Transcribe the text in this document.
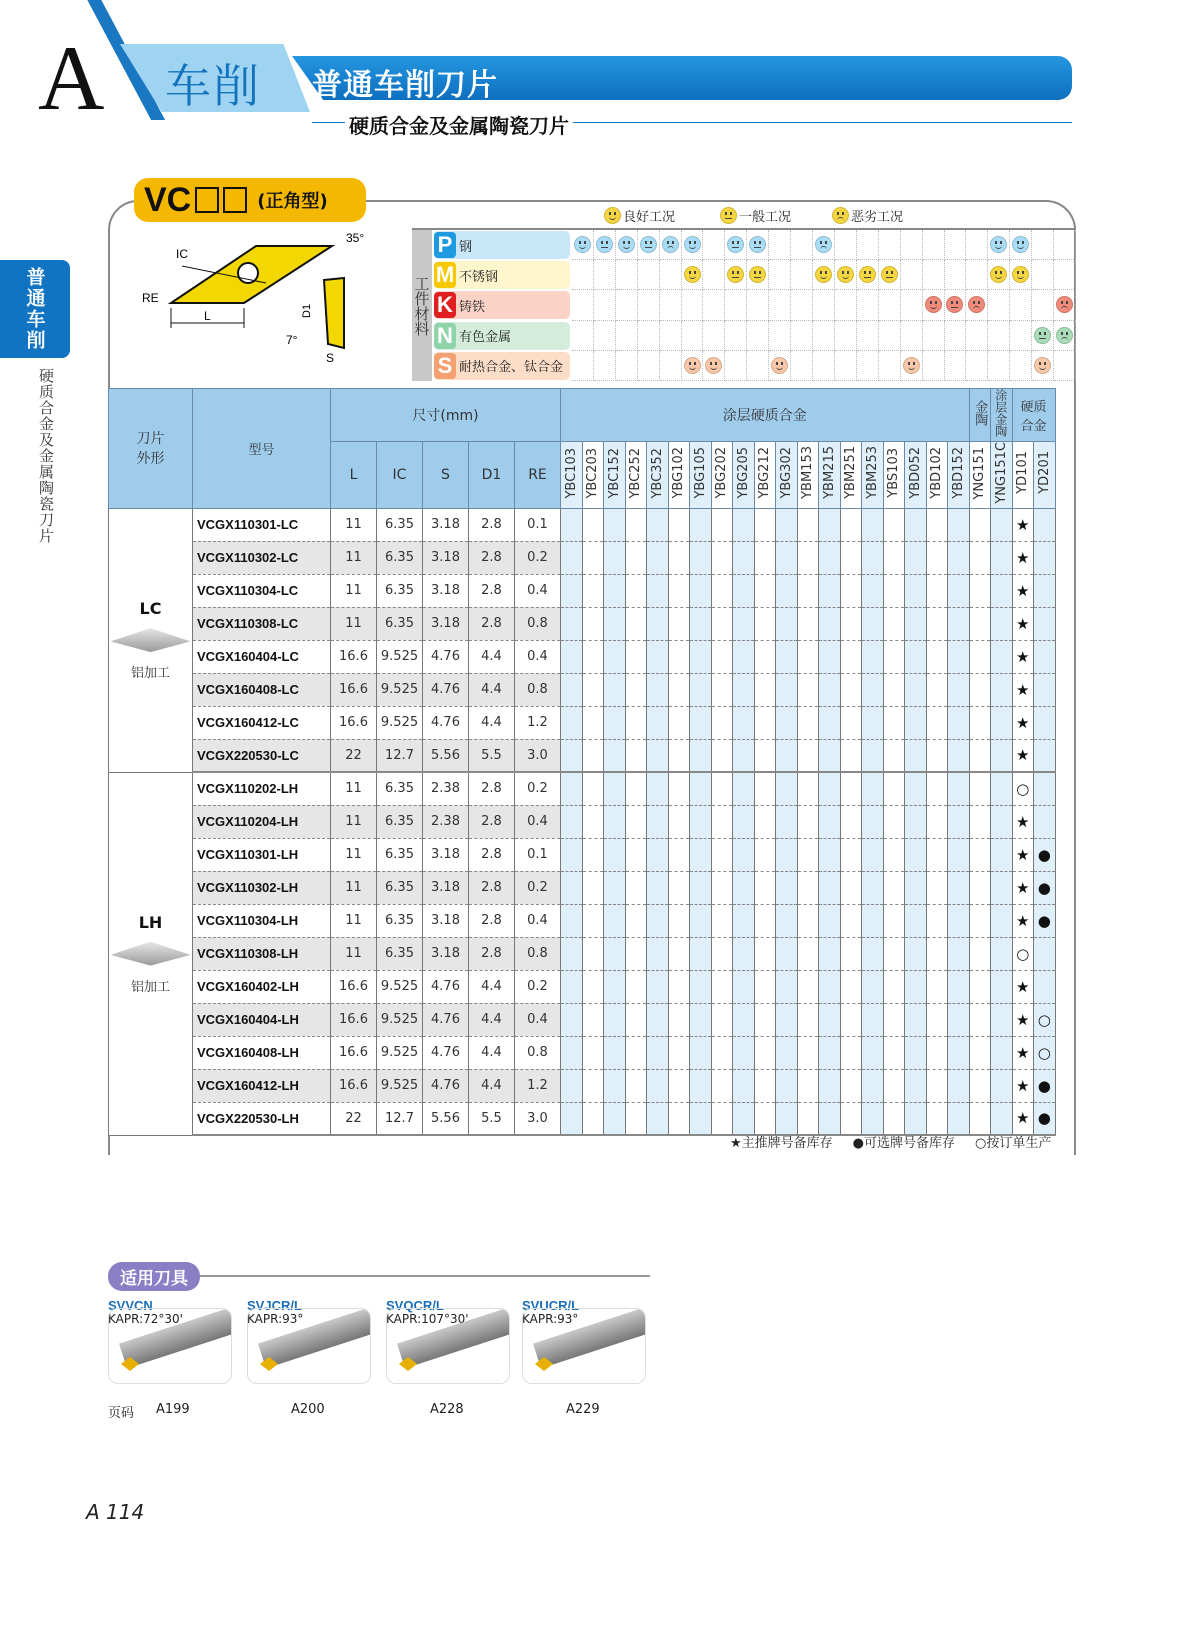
A 车削 普通车削刀片
硬质合金及金属陶瓷刀片
普通车削
硬质合金及金属陶瓷刀片
VC	(正角型)
IC
RE
L
35°
D1
7°
S
良好工况	一般工况	恶劣工况
工件材料
P 钢
M 不锈钢
K 铸铁
N 有色金属
S 耐热合金、钛合金
刀片外形	型号	尺寸(mm)					涂层硬质合金																			金陶	涂层金陶	硬质合金	
		L	IC	S	D1	RE	YBC103	YBC203	YBC152	YBC252	YBC352	YBG102	YBG105	YBG202	YBG205	YBG212	YBG302	YBM153	YBM215	YBM251	YBM253	YBS103	YBD052	YBD102	YBD152	YNG151	YNG151C	YD101	YD201

LC
铝加工	VCGX110301-LC	11	6.35	3.18	2.8	0.1																						★	
	VCGX110302-LC	11	6.35	3.18	2.8	0.2																						★	
	VCGX110304-LC	11	6.35	3.18	2.8	0.4																						★	
	VCGX110308-LC	11	6.35	3.18	2.8	0.8																						★	
	VCGX160404-LC	16.6	9.525	4.76	4.4	0.4																						★	
	VCGX160408-LC	16.6	9.525	4.76	4.4	0.8																						★	
	VCGX160412-LC	16.6	9.525	4.76	4.4	1.2																						★	
	VCGX220530-LC	22	12.7	5.56	5.5	3.0																						★	

LH
铝加工	VCGX110202-LH	11	6.35	2.38	2.8	0.2																						○	
	VCGX110204-LH	11	6.35	2.38	2.8	0.4																						★	
	VCGX110301-LH	11	6.35	3.18	2.8	0.1																						★	●
	VCGX110302-LH	11	6.35	3.18	2.8	0.2																						★	●
	VCGX110304-LH	11	6.35	3.18	2.8	0.4																						★	●
	VCGX110308-LH	11	6.35	3.18	2.8	0.8																						○	
	VCGX160402-LH	16.6	9.525	4.76	4.4	0.2																						★	
	VCGX160404-LH	16.6	9.525	4.76	4.4	0.4																						★	○
	VCGX160408-LH	16.6	9.525	4.76	4.4	0.8																						★	○
	VCGX160412-LH	16.6	9.525	4.76	4.4	1.2																						★	●
	VCGX220530-LH	22	12.7	5.56	5.5	3.0																						★	●
★主推牌号备库存 ●可选牌号备库存 ○按订单生产
适用刀具
SVVCN
KAPR:72°30'
A199
SVJCR/L
KAPR:93°
A200
SVQCR/L
KAPR:107°30'
A228
SVUCR/L
KAPR:93°
A229
页码
A 114
